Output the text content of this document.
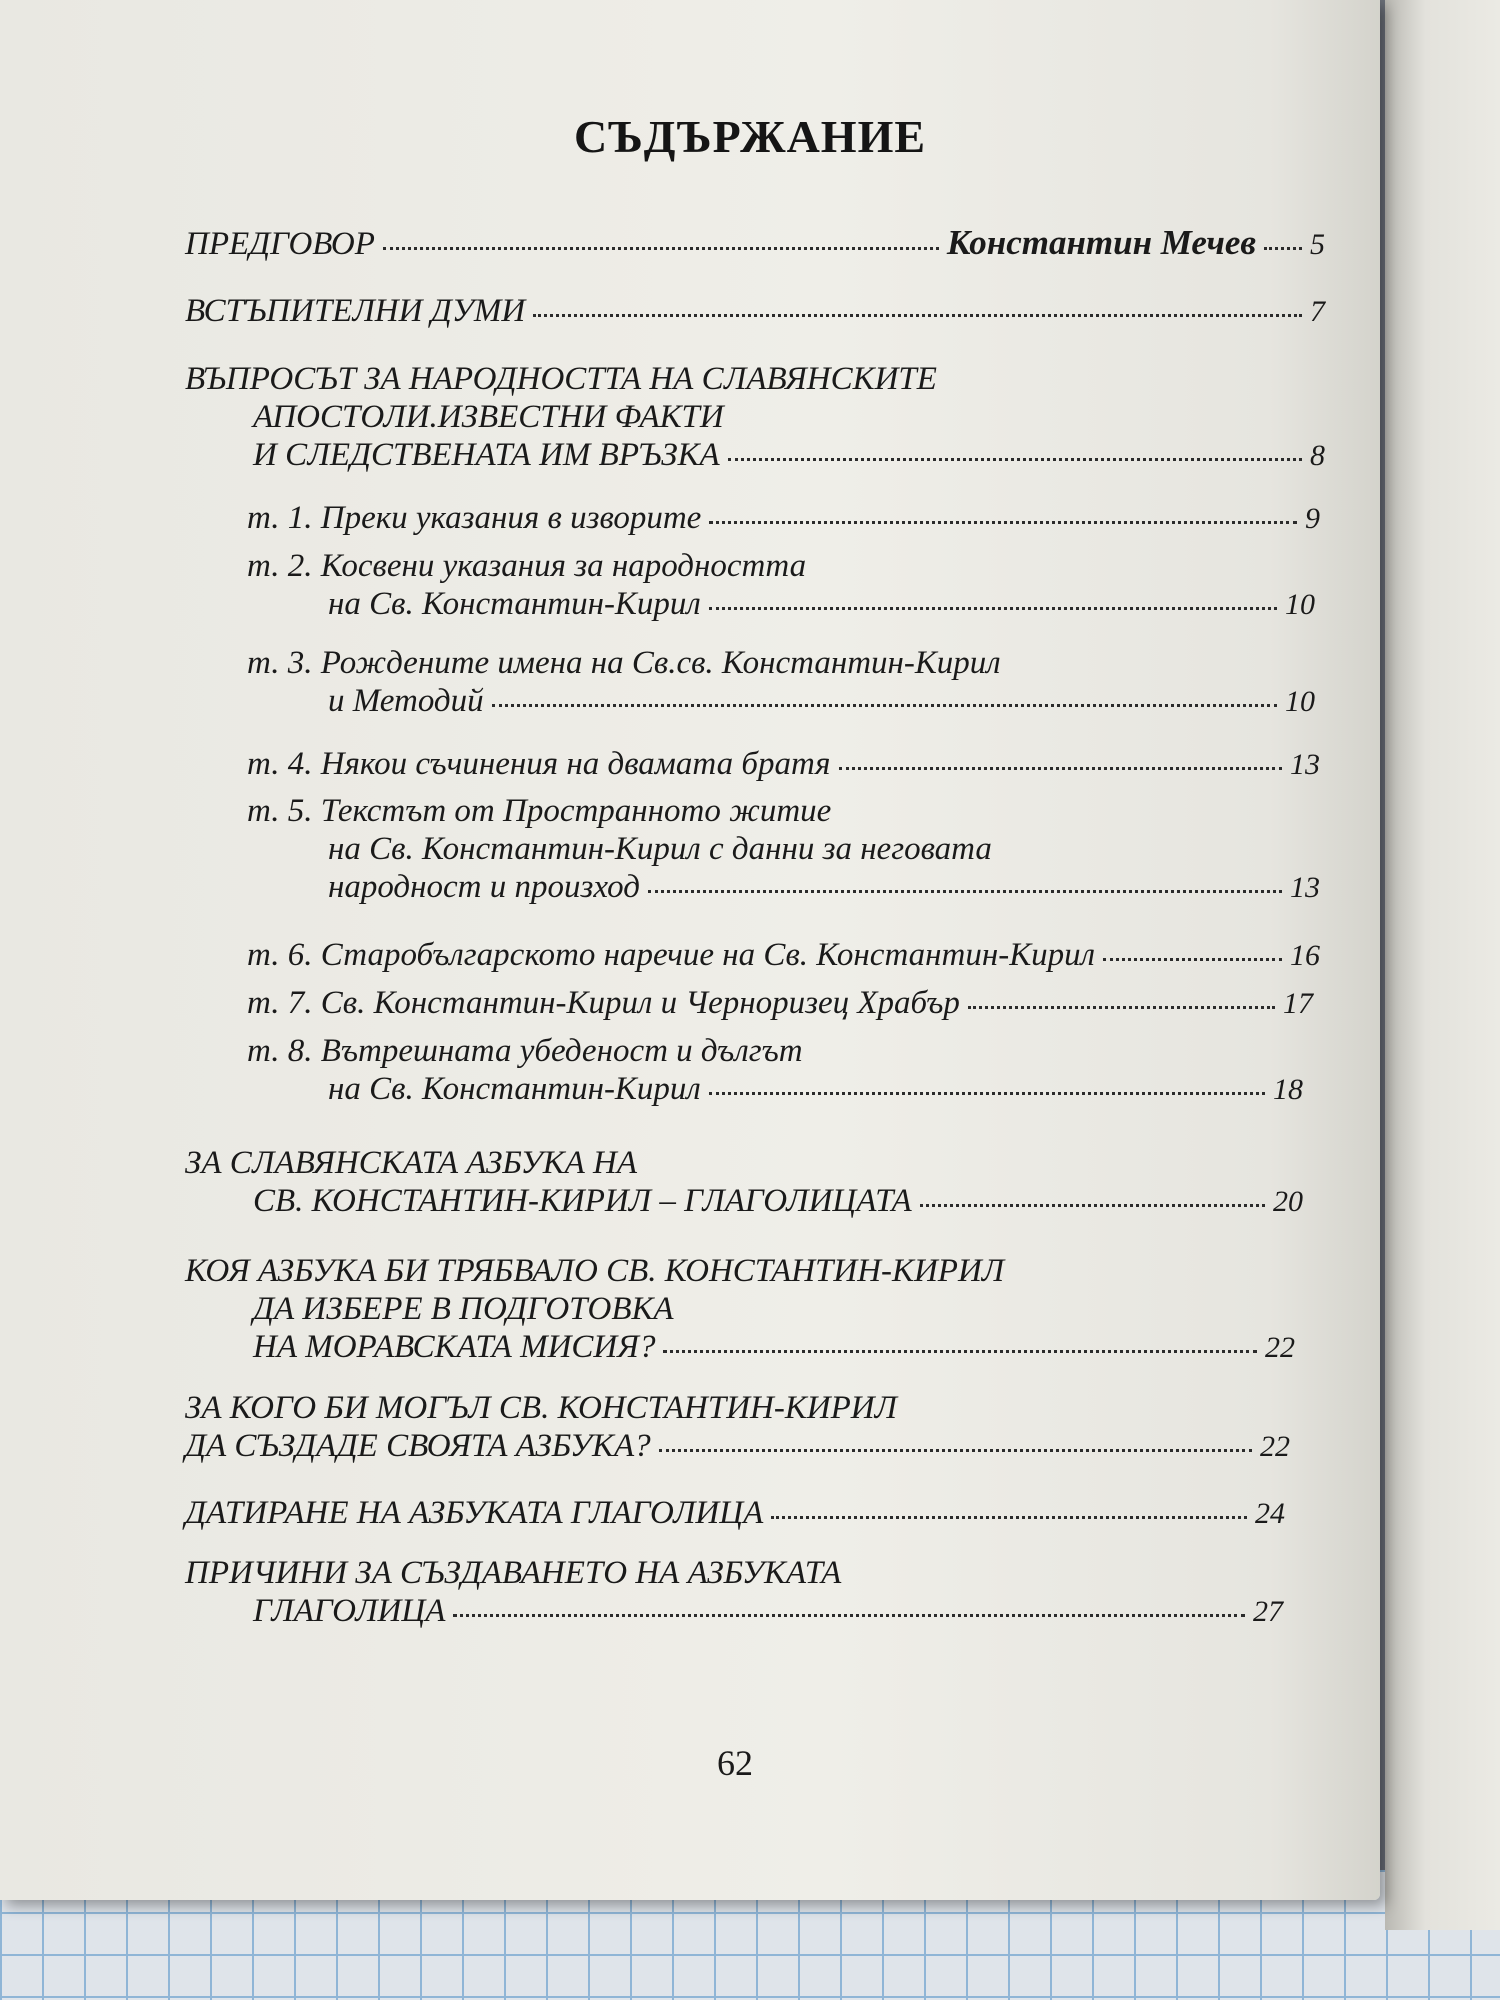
СЪДЪРЖАНИЕ
ПРЕДГОВОР	Константин Мечев 5
ВСТЪПИТЕЛНИ ДУМИ	7
ВЪПРОСЪТ ЗА НАРОДНОСТТА НА СЛАВЯНСКИТЕ
АПОСТОЛИ.ИЗВЕСТНИ ФАКТИ
И СЛЕДСТВЕНАТА ИМ ВРЪЗКА	8
т. 1. Преки указания в изворите	9
т. 2. Косвени указания за народността
на Св. Константин-Кирил	10
т. 3. Рождените имена на Св.св. Константин-Кирил
и Методий	10
т. 4. Някои съчинения на двамата братя	13
т. 5. Текстът от Пространното житие
на Св. Константин-Кирил с данни за неговата
народност и произход	13
т. 6. Старобългарското наречие на Св. Константин-Кирил	16
т. 7. Св. Константин-Кирил и Черноризец Храбър	17
т. 8. Вътрешната убеденост и дългът
на Св. Константин-Кирил	18
ЗА СЛАВЯНСКАТА АЗБУКА НА
СВ. КОНСТАНТИН-КИРИЛ – ГЛАГОЛИЦАТА	20
КОЯ АЗБУКА БИ ТРЯБВАЛО СВ. КОНСТАНТИН-КИРИЛ
ДА ИЗБЕРЕ В ПОДГОТОВКА
НА МОРАВСКАТА МИСИЯ?	22
ЗА КОГО БИ МОГЪЛ СВ. КОНСТАНТИН-КИРИЛ
ДА СЪЗДАДЕ СВОЯТА АЗБУКА?	22
ДАТИРАНЕ НА АЗБУКАТА ГЛАГОЛИЦА	24
ПРИЧИНИ ЗА СЪЗДАВАНЕТО НА АЗБУКАТА
ГЛАГОЛИЦА	27
62
